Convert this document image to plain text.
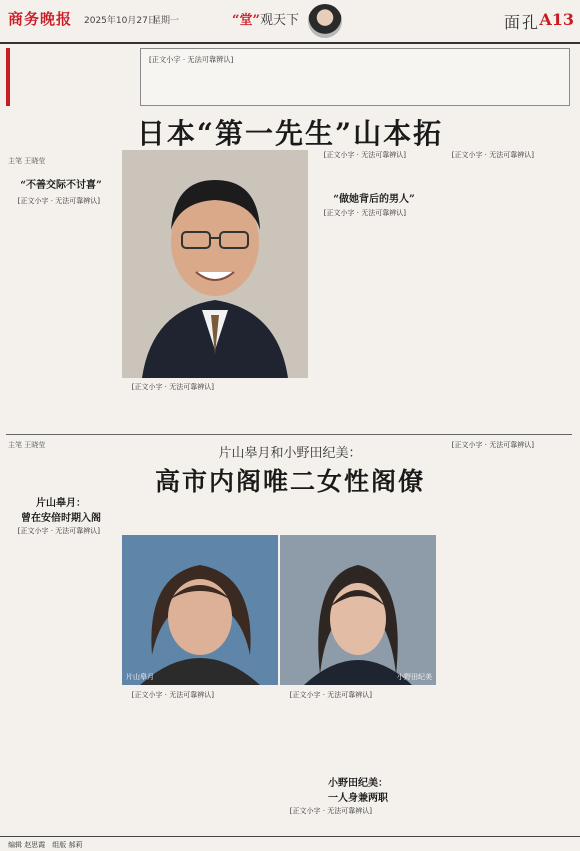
商务晚报 2025年10月27日
星期一	“堂”观天下	面孔 A13
[正文小字 · 无法可靠辨认]
日本“第一先生”山本拓
主笔 王晓莹
“不善交际不讨喜”

[正文小字 · 无法可靠辨认]

[正文小字 · 无法可靠辨认]

“做她背后的男人”

[正文小字 · 无法可靠辨认]

[正文小字 · 无法可靠辨认]

[正文小字 · 无法可靠辨认]

主笔 王晓莹
片山皋月和小野田纪美：
高市内阁唯二女性阁僚
片山皋月：
曾在安倍时期入阁

[正文小字 · 无法可靠辨认]

片山皋月	小野田纪美

[正文小字 · 无法可靠辨认]

小野田纪美：
一人身兼两职

[正文小字 · 无法可靠辨认]

[正文小字 · 无法可靠辨认]

[正文小字 · 无法可靠辨认]

编辑 赵思霞　组版 郝莉
